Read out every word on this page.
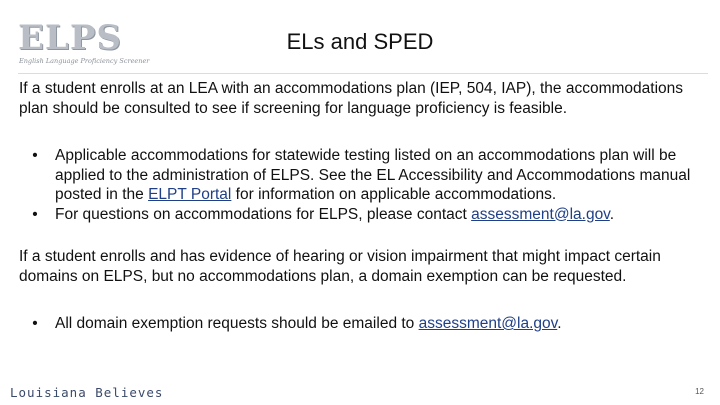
ELPS
English Language Proficiency Screener
ELs and SPED
If a student enrolls at an LEA with an accommodations plan (IEP, 504, IAP), the accommodations plan should be consulted to see if screening for language proficiency is feasible.
• Applicable accommodations for statewide testing listed on an accommodations plan will be applied to the administration of ELPS. See the EL Accessibility and Accommodations manual posted in the ELPT Portal for information on applicable accommodations.
• For questions on accommodations for ELPS, please contact assessment@la.gov.
If a student enrolls and has evidence of hearing or vision impairment that might impact certain domains on ELPS, but no accommodations plan, a domain exemption can be requested.
• All domain exemption requests should be emailed to assessment@la.gov.
Louisiana Believes	12
